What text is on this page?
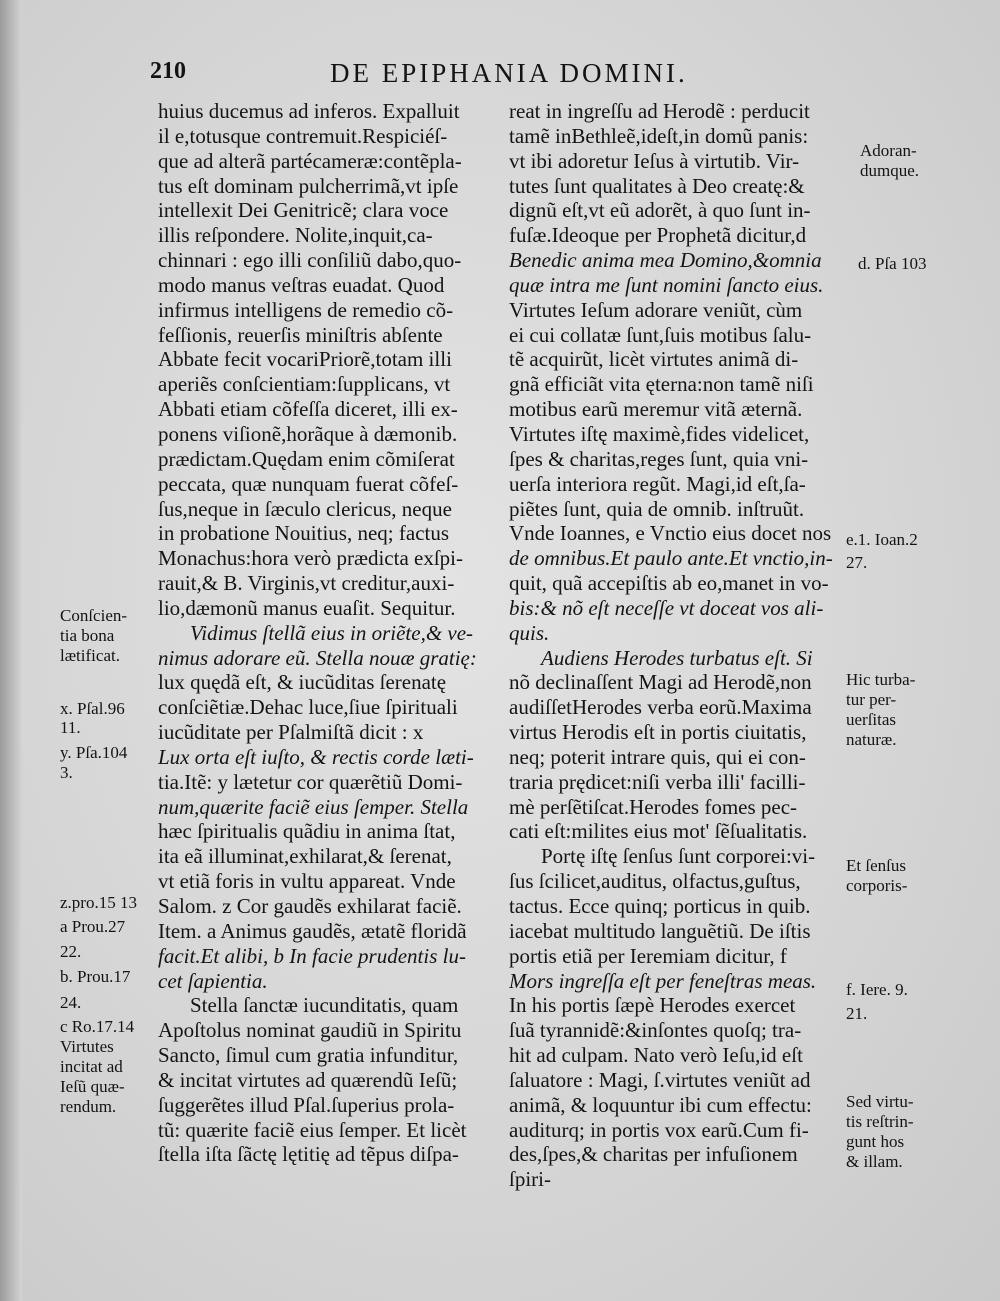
210	DE EPIPHANIA DOMINI.
huius ducemus ad inferos. Expalluit
il e,totusque contremuit.Respiciéſ-
que ad alterã partécameræ:contẽpla-
tus eſt dominam pulcherrimã,vt ipſe
intellexit Dei Genitricẽ; clara voce
illis reſpondere. Nolite,inquit,ca-
chinnari : ego illi conſiliũ dabo,quo-
modo manus veſtras euadat. Quod
infirmus intelligens de remedio cõ-
feſſionis, reuerſis miniſtris abſente
Abbate fecit vocariPriorẽ,totam illi
aperiẽs conſcientiam:ſupplicans, vt
Abbati etiam cõfeſſa diceret, illi ex-
ponens viſionẽ,horãque à dæmonib.
prædictam.Quędam enim cõmiſerat
peccata, quæ nunquam fuerat cõfeſ-
ſus,neque in ſæculo clericus, neque
in probatione Nouitius, neq; factus
Monachus:hora verò prædicta exſpi-
rauit,& B. Virginis,vt creditur,auxi-
lio,dæmonũ manus euaſit. Sequitur.
Vidimus ſtellã eius in oriẽte,& ve-
nimus adorare eũ. Stella nouæ gratię:
lux quędã eſt, & iucũditas ſerenatę
conſciẽtiæ.Dehac luce,ſiue ſpirituali
iucũditate per Pſalmiſtã dicit : x
Lux orta eſt iuſto, & rectis corde læti-
tia.Itẽ: y lætetur cor quærẽtiũ Domi-
num,quærite faciẽ eius ſemper. Stella
hæc ſpiritualis quãdiu in anima ſtat,
ita eã illuminat,exhilarat,& ſerenat,
vt etiã foris in vultu appareat. Vnde
Salom. z Cor gaudẽs exhilarat faciẽ.
Item. a Animus gaudẽs, ætatẽ floridã
facit.Et alibi, b In facie prudentis lu-
cet ſapientia.
Stella ſanctæ iucunditatis, quam
Apoſtolus nominat gaudiũ in Spiritu
Sancto, ſimul cum gratia infunditur,
& incitat virtutes ad quærendũ Ieſũ;
ſuggerẽtes illud Pſal.ſuperius prola-
tũ: quærite faciẽ eius ſemper. Et licèt
ſtella iſta ſãctę lętitię ad tẽpus diſpa-
reat in ingreſſu ad Herodẽ : perducit
tamẽ inBethleẽ,ideſt,in domũ panis:
vt ibi adoretur Ieſus à virtutib. Vir-
tutes ſunt qualitates à Deo creatę:&
dignũ eſt,vt eũ adorẽt, à quo ſunt in-
fuſæ.Ideoque per Prophetã dicitur,d
Benedic anima mea Domino,&omnia
quæ intra me ſunt nomini ſancto eius.
Virtutes Ieſum adorare veniũt, cùm
ei cui collatæ ſunt,ſuis motibus ſalu-
tẽ acquirũt, licèt virtutes animã di-
gnã efficiãt vita ęterna:non tamẽ niſi
motibus earũ meremur vitã æternã.
Virtutes iſtę maximè,fides videlicet,
ſpes & charitas,reges ſunt, quia vni-
uerſa interiora regũt. Magi,id eſt,ſa-
piẽtes ſunt, quia de omnib. inſtruũt.
Vnde Ioannes, e Vnctio eius docet nos
de omnibus.Et paulo ante.Et vnctio,in-
quit, quã accepiſtis ab eo,manet in vo-
bis:& nõ eſt neceſſe vt doceat vos ali-
quis.
Audiens Herodes turbatus eſt. Si
nõ declinaſſent Magi ad Herodẽ,non
audiſſetHerodes verba eorũ.Maxima
virtus Herodis eſt in portis ciuitatis,
neq; poterit intrare quis, qui ei con-
traria prędicet:niſi verba illi' facilli-
mè perſẽtiſcat.Herodes fomes pec-
cati eſt:milites eius mot' ſẽſualitatis.
Portę iſtę ſenſus ſunt corporei:vi-
ſus ſcilicet,auditus, olfactus,guſtus,
tactus. Ecce quinq; porticus in quib.
iacebat multitudo languẽtiũ. De iſtis
portis etiã per Ieremiam dicitur, f
Mors ingreſſa eſt per feneſtras meas.
In his portis ſæpè Herodes exercet
ſuã tyrannidẽ:&inſontes quoſq; tra-
hit ad culpam. Nato verò Ieſu,id eſt
ſaluatore : Magi, ſ.virtutes veniũt ad
animã, & loquuntur ibi cum effectu:
auditurq; in portis vox earũ.Cum fi-
des,ſpes,& charitas per infuſionem
ſpiri-
Conſcien-
tia bona
lætificat.
x. Pſal.96
11.
y. Pſa.104
3.
z.pro.15 13
a Prou.27
22.
b. Prou.17
24.
c Ro.17.14
Virtutes
incitat ad
Ieſũ quæ-
rendum.
Adoran-
dumque.
d. Pſa 103
e.1. Ioan.2
27.
Hic turba-
tur per-
uerſitas
naturæ.
Et ſenſus
corporis-
f. Iere. 9.
21.
Sed virtu-
tis reſtrin-
gunt hos
& illam.
